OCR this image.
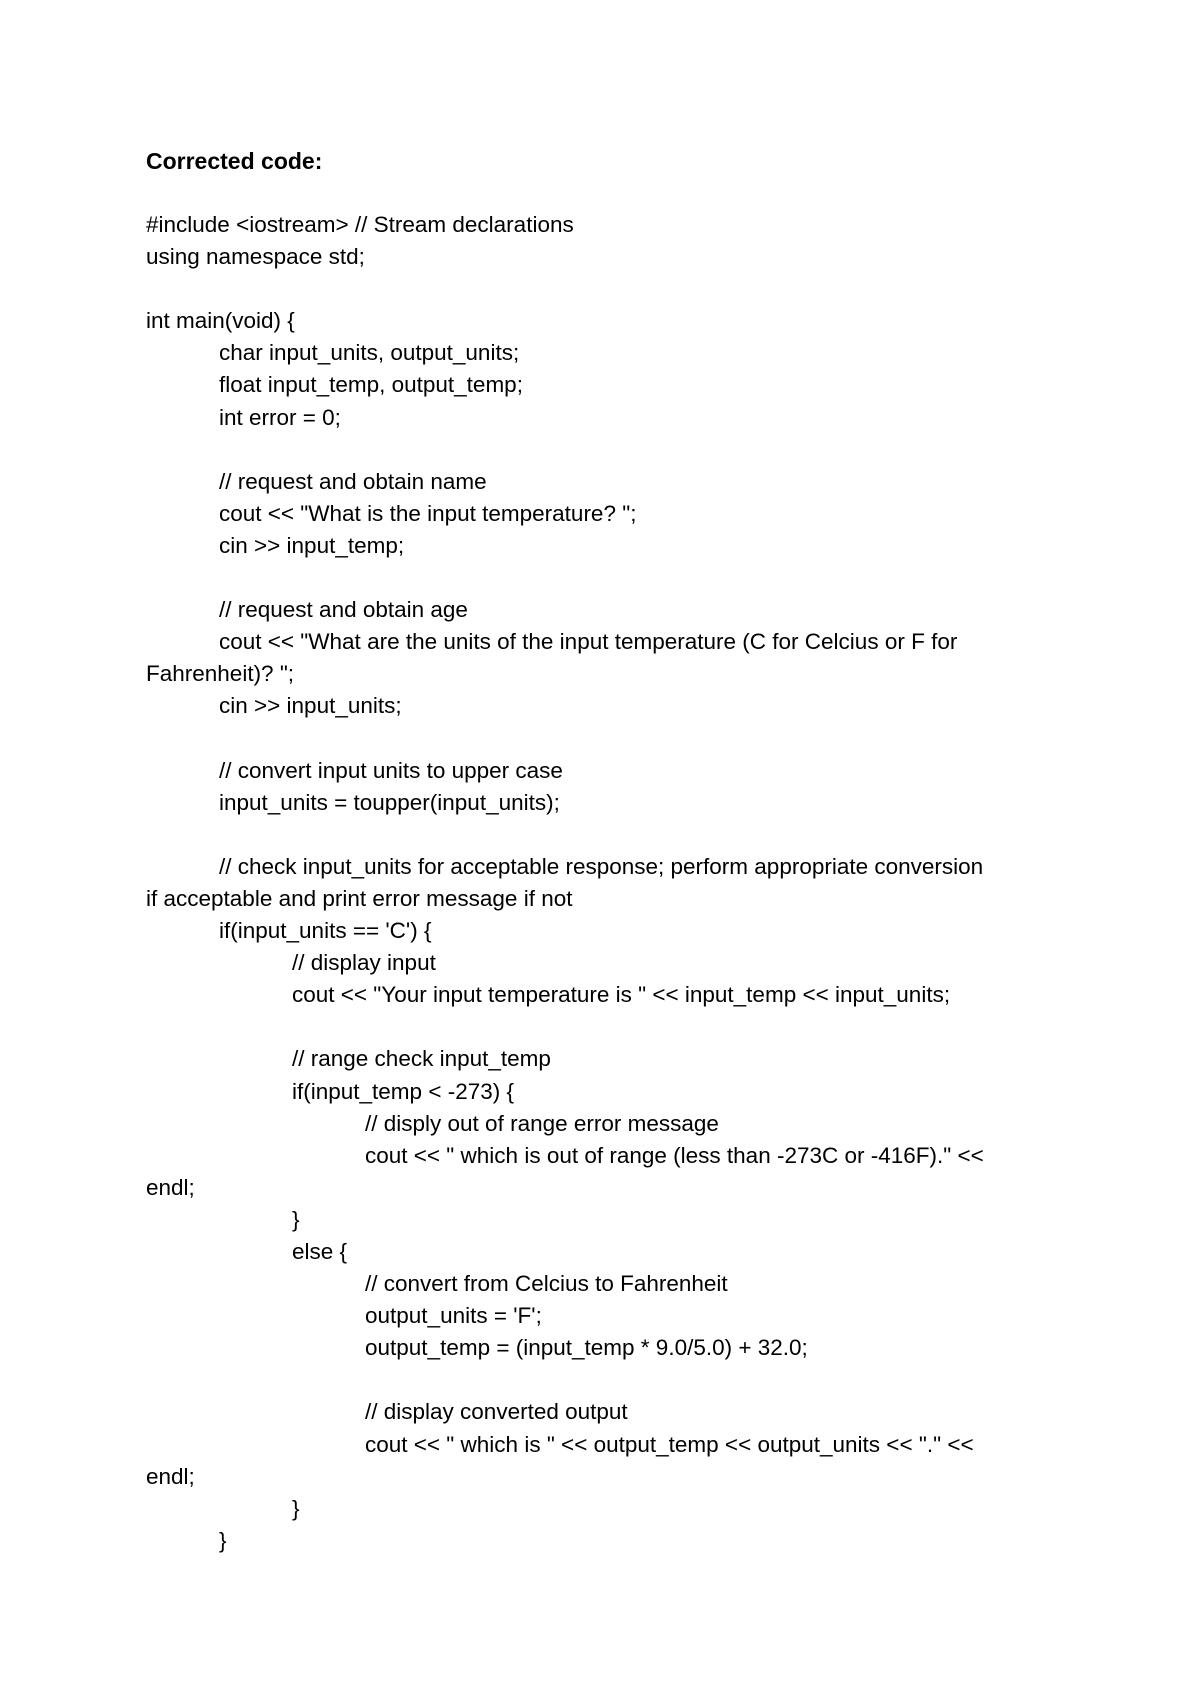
Corrected code:
#include <iostream> // Stream declarations
using namespace std;
int main(void) {
char input_units, output_units;
float input_temp, output_temp;
int error = 0;
// request and obtain name
cout << "What is the input temperature? ";
cin >> input_temp;
// request and obtain age
cout << "What are the units of the input temperature (C for Celcius or F for
Fahrenheit)? ";
cin >> input_units;
// convert input units to upper case
input_units = toupper(input_units);
// check input_units for acceptable response; perform appropriate conversion
if acceptable and print error message if not
if(input_units == 'C') {
// display input
cout << "Your input temperature is " << input_temp << input_units;
// range check input_temp
if(input_temp < -273) {
// disply out of range error message
cout << " which is out of range (less than -273C or -416F)." <<
endl;
}
else {
// convert from Celcius to Fahrenheit
output_units = 'F';
output_temp = (input_temp * 9.0/5.0) + 32.0;
// display converted output
cout << " which is " << output_temp << output_units << "." <<
endl;
}
}
